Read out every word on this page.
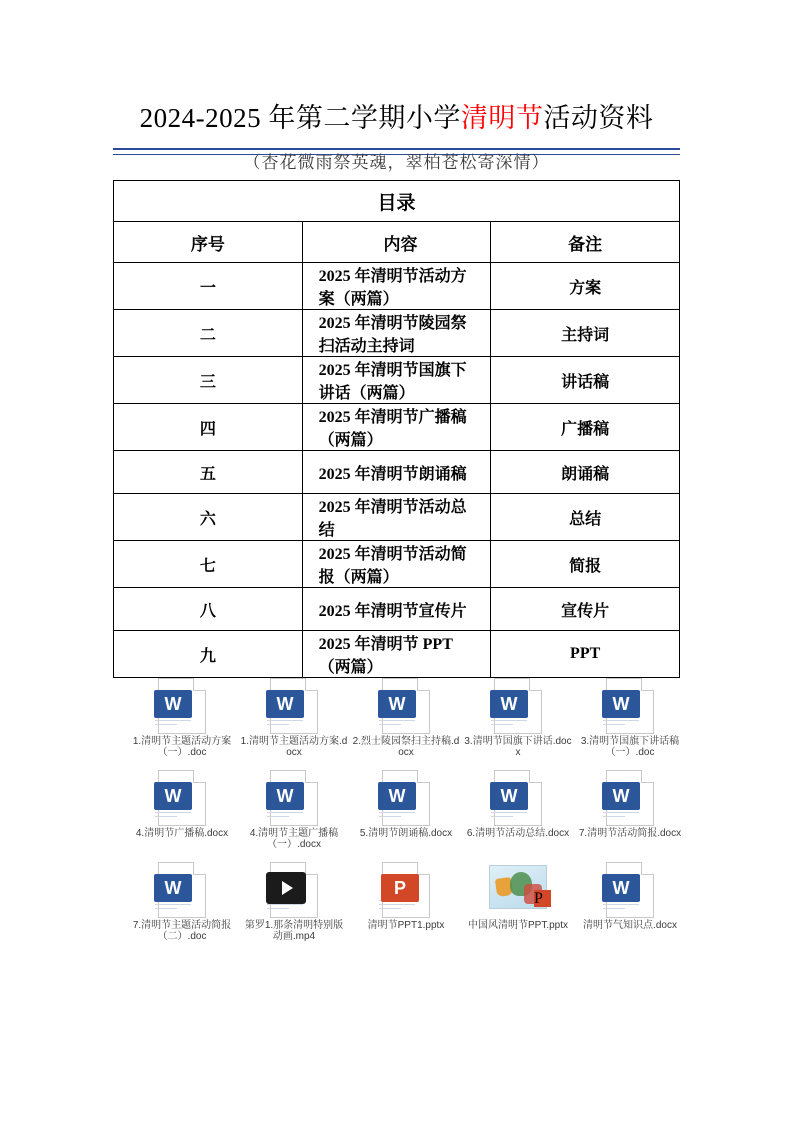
2024-2025 年第二学期小学清明节活动资料
（杏花微雨祭英魂，翠柏苍松寄深情）
目录		
序号	内容	备注
一	2025 年清明节活动方案（两篇）	方案
二	2025 年清明节陵园祭扫活动主持词	主持词
三	2025 年清明节国旗下讲话（两篇）	讲话稿
四	2025 年清明节广播稿（两篇）	广播稿
五	2025 年清明节朗诵稿	朗诵稿
六	2025 年清明节活动总结	总结
七	2025 年清明节活动简报（两篇）	简报
八	2025 年清明节宣传片	宣传片
九	2025 年清明节 PPT（两篇）	PPT
W
1.清明节主题活动方案（一）.doc
W
1.清明节主题活动方案.docx
W
2.烈士陵园祭扫主持稿.docx
W
3.清明节国旗下讲话.docx
W
3.清明节国旗下讲话稿（一）.doc
W
4.清明节广播稿.docx
W
4.清明节主题广播稿（一）.docx
W
5.清明节朗诵稿.docx
W
6.清明节活动总结.docx
W
7.清明节活动简报.docx
W
7.清明节主题活动简报（二）.doc
第罗1.那条清明特别版动画.mp4
P
清明节PPT1.pptx
P
中国风清明节PPT.pptx
W
清明节气知识点.docx
